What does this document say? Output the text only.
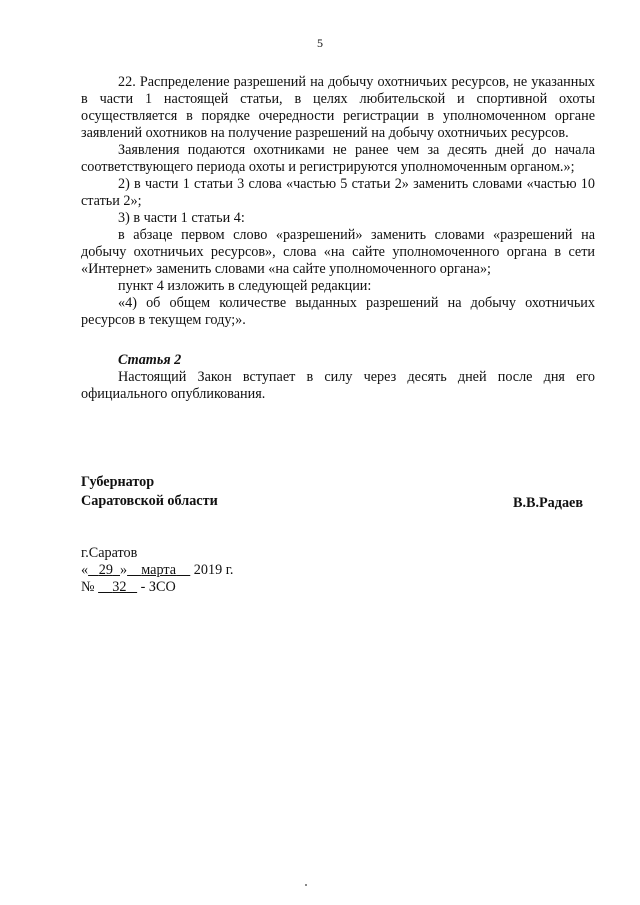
5

22. Распределение разрешений на добычу охотничьих ресурсов, не указанных в части 1 настоящей статьи, в целях любительской и спортивной охоты осуществляется в порядке очередности регистрации в уполномоченном органе заявлений охотников на получение разрешений на добычу охотничьих ресурсов.

Заявления подаются охотниками не ранее чем за десять дней до начала соответствующего периода охоты и регистрируются уполномоченным органом.»;

2) в части 1 статьи 3 слова «частью 5 статьи 2» заменить словами «частью 10 статьи 2»;

3) в части 1 статьи 4:

в абзаце первом слово «разрешений» заменить словами «разрешений на добычу охотничьих ресурсов», слова «на сайте уполномоченного органа в сети «Интернет» заменить словами «на сайте уполномоченного органа»;

пункт 4 изложить в следующей редакции:

«4) об общем количестве выданных разрешений на добычу охотничьих ресурсов в текущем году;».

Статья 2

Настоящий Закон вступает в силу через десять дней после дня его официального опубликования.

Губернатор
Саратовской области	В.В.Радаев
г.Саратов
« 29 » марта 2019 г.
№     32 - ЗСО
